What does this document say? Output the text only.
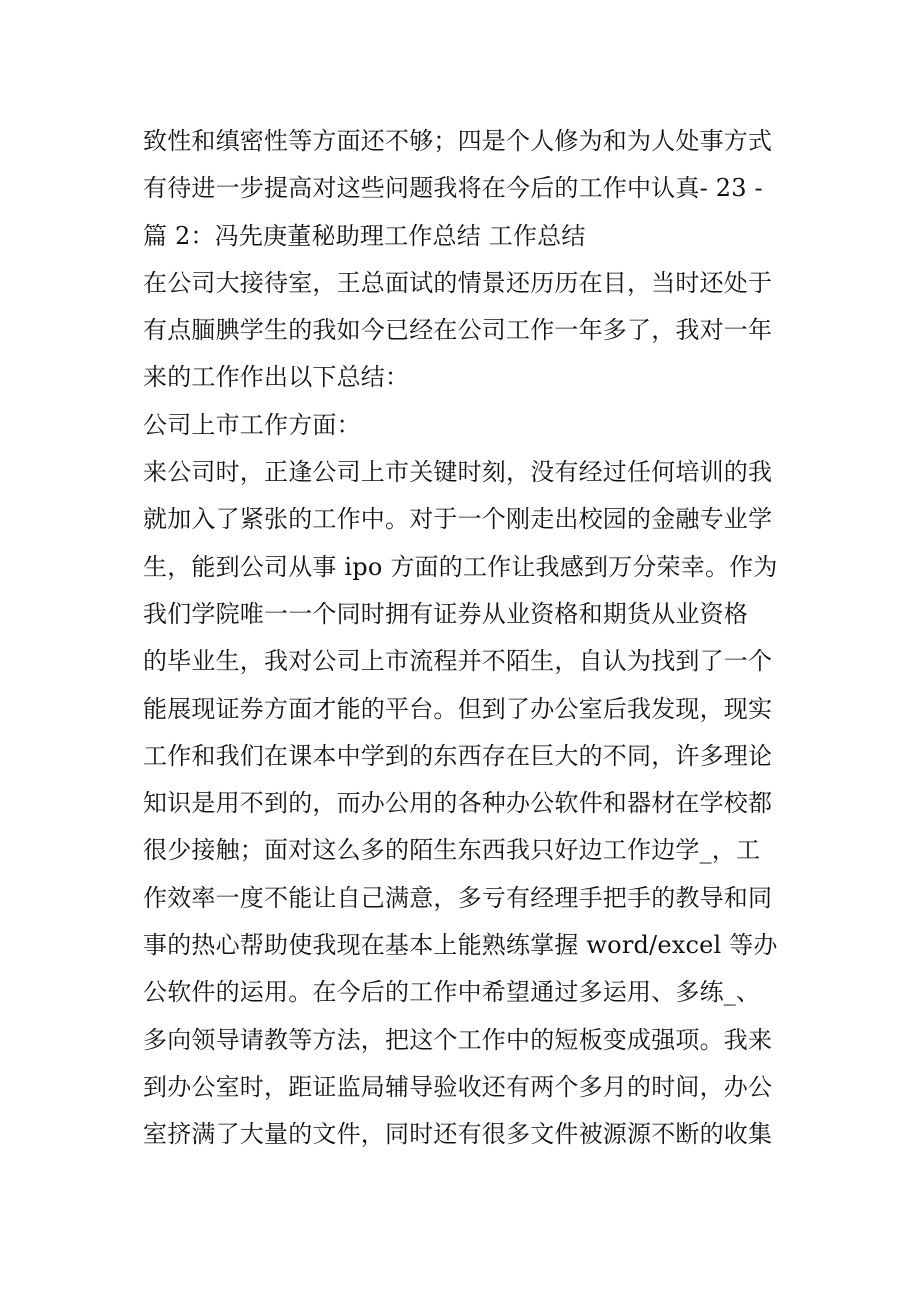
致性和缜密性等方面还不够；四是个人修为和为人处事方式
有待进一步提高对这些问题我将在今后的工作中认真- 23 -
篇 2：冯先庚董秘助理工作总结 工作总结
在公司大接待室，王总面试的情景还历历在目，当时还处于
有点腼腆学生的我如今已经在公司工作一年多了，我对一年
来的工作作出以下总结：
公司上市工作方面：
来公司时，正逢公司上市关键时刻，没有经过任何培训的我
就加入了紧张的工作中。对于一个刚走出校园的金融专业学
生，能到公司从事 ipo 方面的工作让我感到万分荣幸。作为
我们学院唯一一个同时拥有证券从业资格和期货从业资格
的毕业生，我对公司上市流程并不陌生，自认为找到了一个
能展现证券方面才能的平台。但到了办公室后我发现，现实
工作和我们在课本中学到的东西存在巨大的不同，许多理论
知识是用不到的，而办公用的各种办公软件和器材在学校都
很少接触；面对这么多的陌生东西我只好边工作边学_，工
作效率一度不能让自己满意，多亏有经理手把手的教导和同
事的热心帮助使我现在基本上能熟练掌握 word/excel 等办
公软件的运用。在今后的工作中希望通过多运用、多练_、
多向领导请教等方法，把这个工作中的短板变成强项。我来
到办公室时，距证监局辅导验收还有两个多月的时间，办公
室挤满了大量的文件，同时还有很多文件被源源不断的收集
